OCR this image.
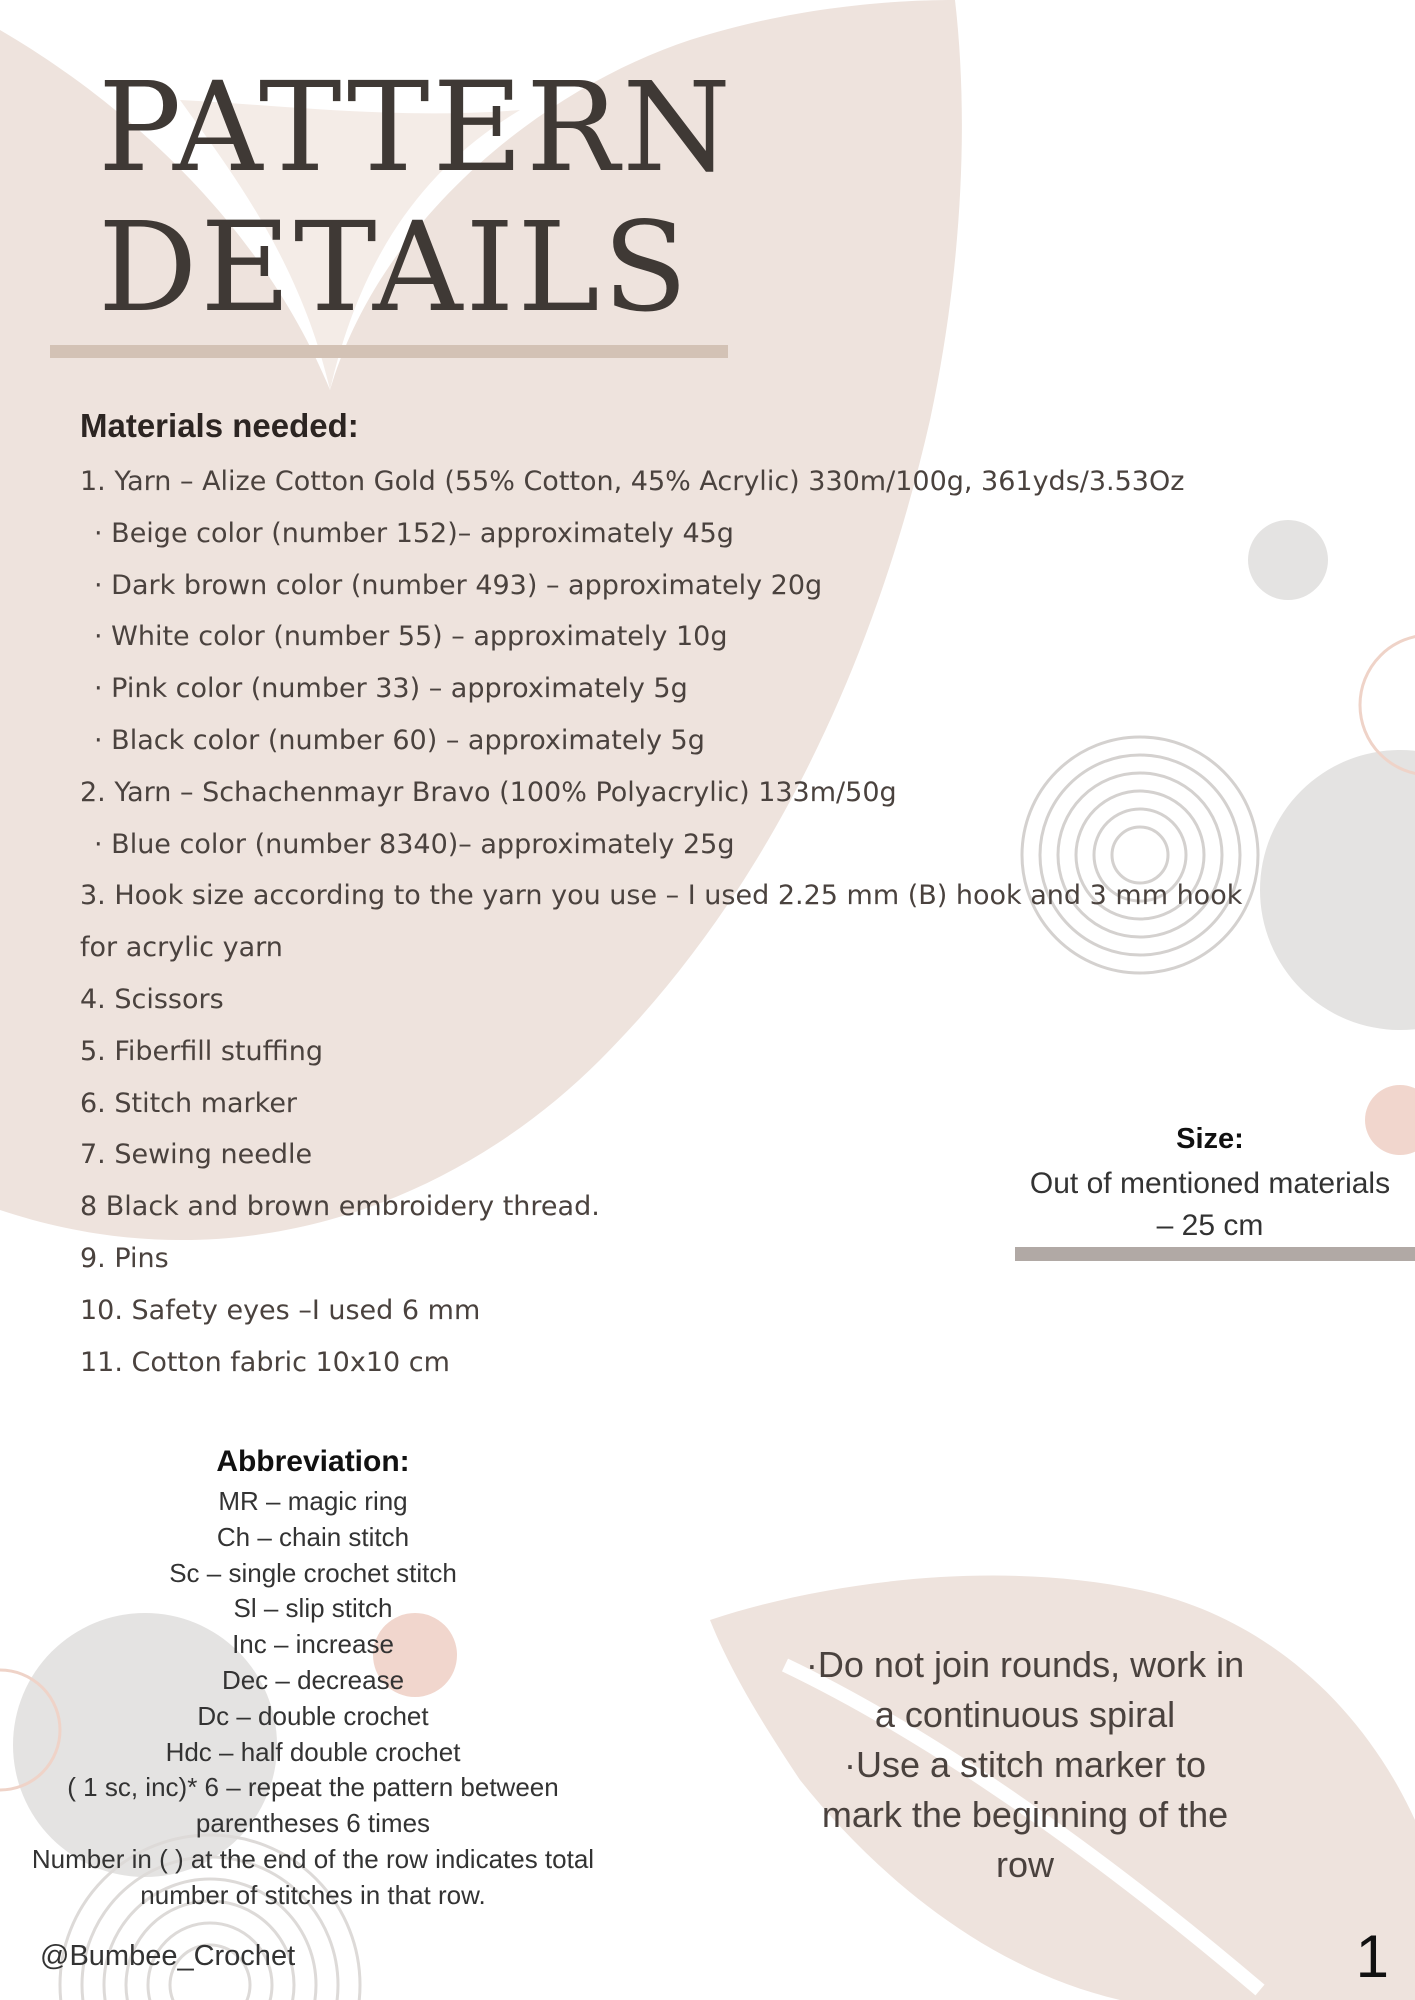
PATTERN
DETAILS
Materials needed:
1. Yarn – Alize Cotton Gold (55% Cotton, 45% Acrylic) 330m/100g, 361yds/3.53Oz
· Beige color (number 152)– approximately 45g
· Dark brown color (number 493) – approximately 20g
· White color (number 55) – approximately 10g
· Pink color (number 33) – approximately 5g
· Black color (number 60) – approximately 5g
2. Yarn – Schachenmayr Bravo (100% Polyacrylic) 133m/50g
· Blue color (number 8340)– approximately 25g
3. Hook size according to the yarn you use – I used 2.25 mm (B) hook and 3 mm hook
for acrylic yarn
4. Scissors
5. Fiberfill stuffing
6. Stitch marker
7. Sewing needle
8 Black and brown embroidery thread.
9. Pins
10. Safety eyes –I used 6 mm
11. Cotton fabric 10x10 cm
Size:
Out of mentioned materials
– 25 cm
Abbreviation:
MR – magic ring
Ch – chain stitch
Sc – single crochet stitch
Sl – slip stitch
Inc – increase
Dec – decrease
Dc – double crochet
Hdc – half double crochet
( 1 sc, inc)* 6 – repeat the pattern between
parentheses 6 times
Number in ( ) at the end of the row indicates total
number of stitches in that row.
·Do not join rounds, work in
a continuous spiral
·Use a stitch marker to
mark the beginning of the
row
@Bumbee_Crochet	1
